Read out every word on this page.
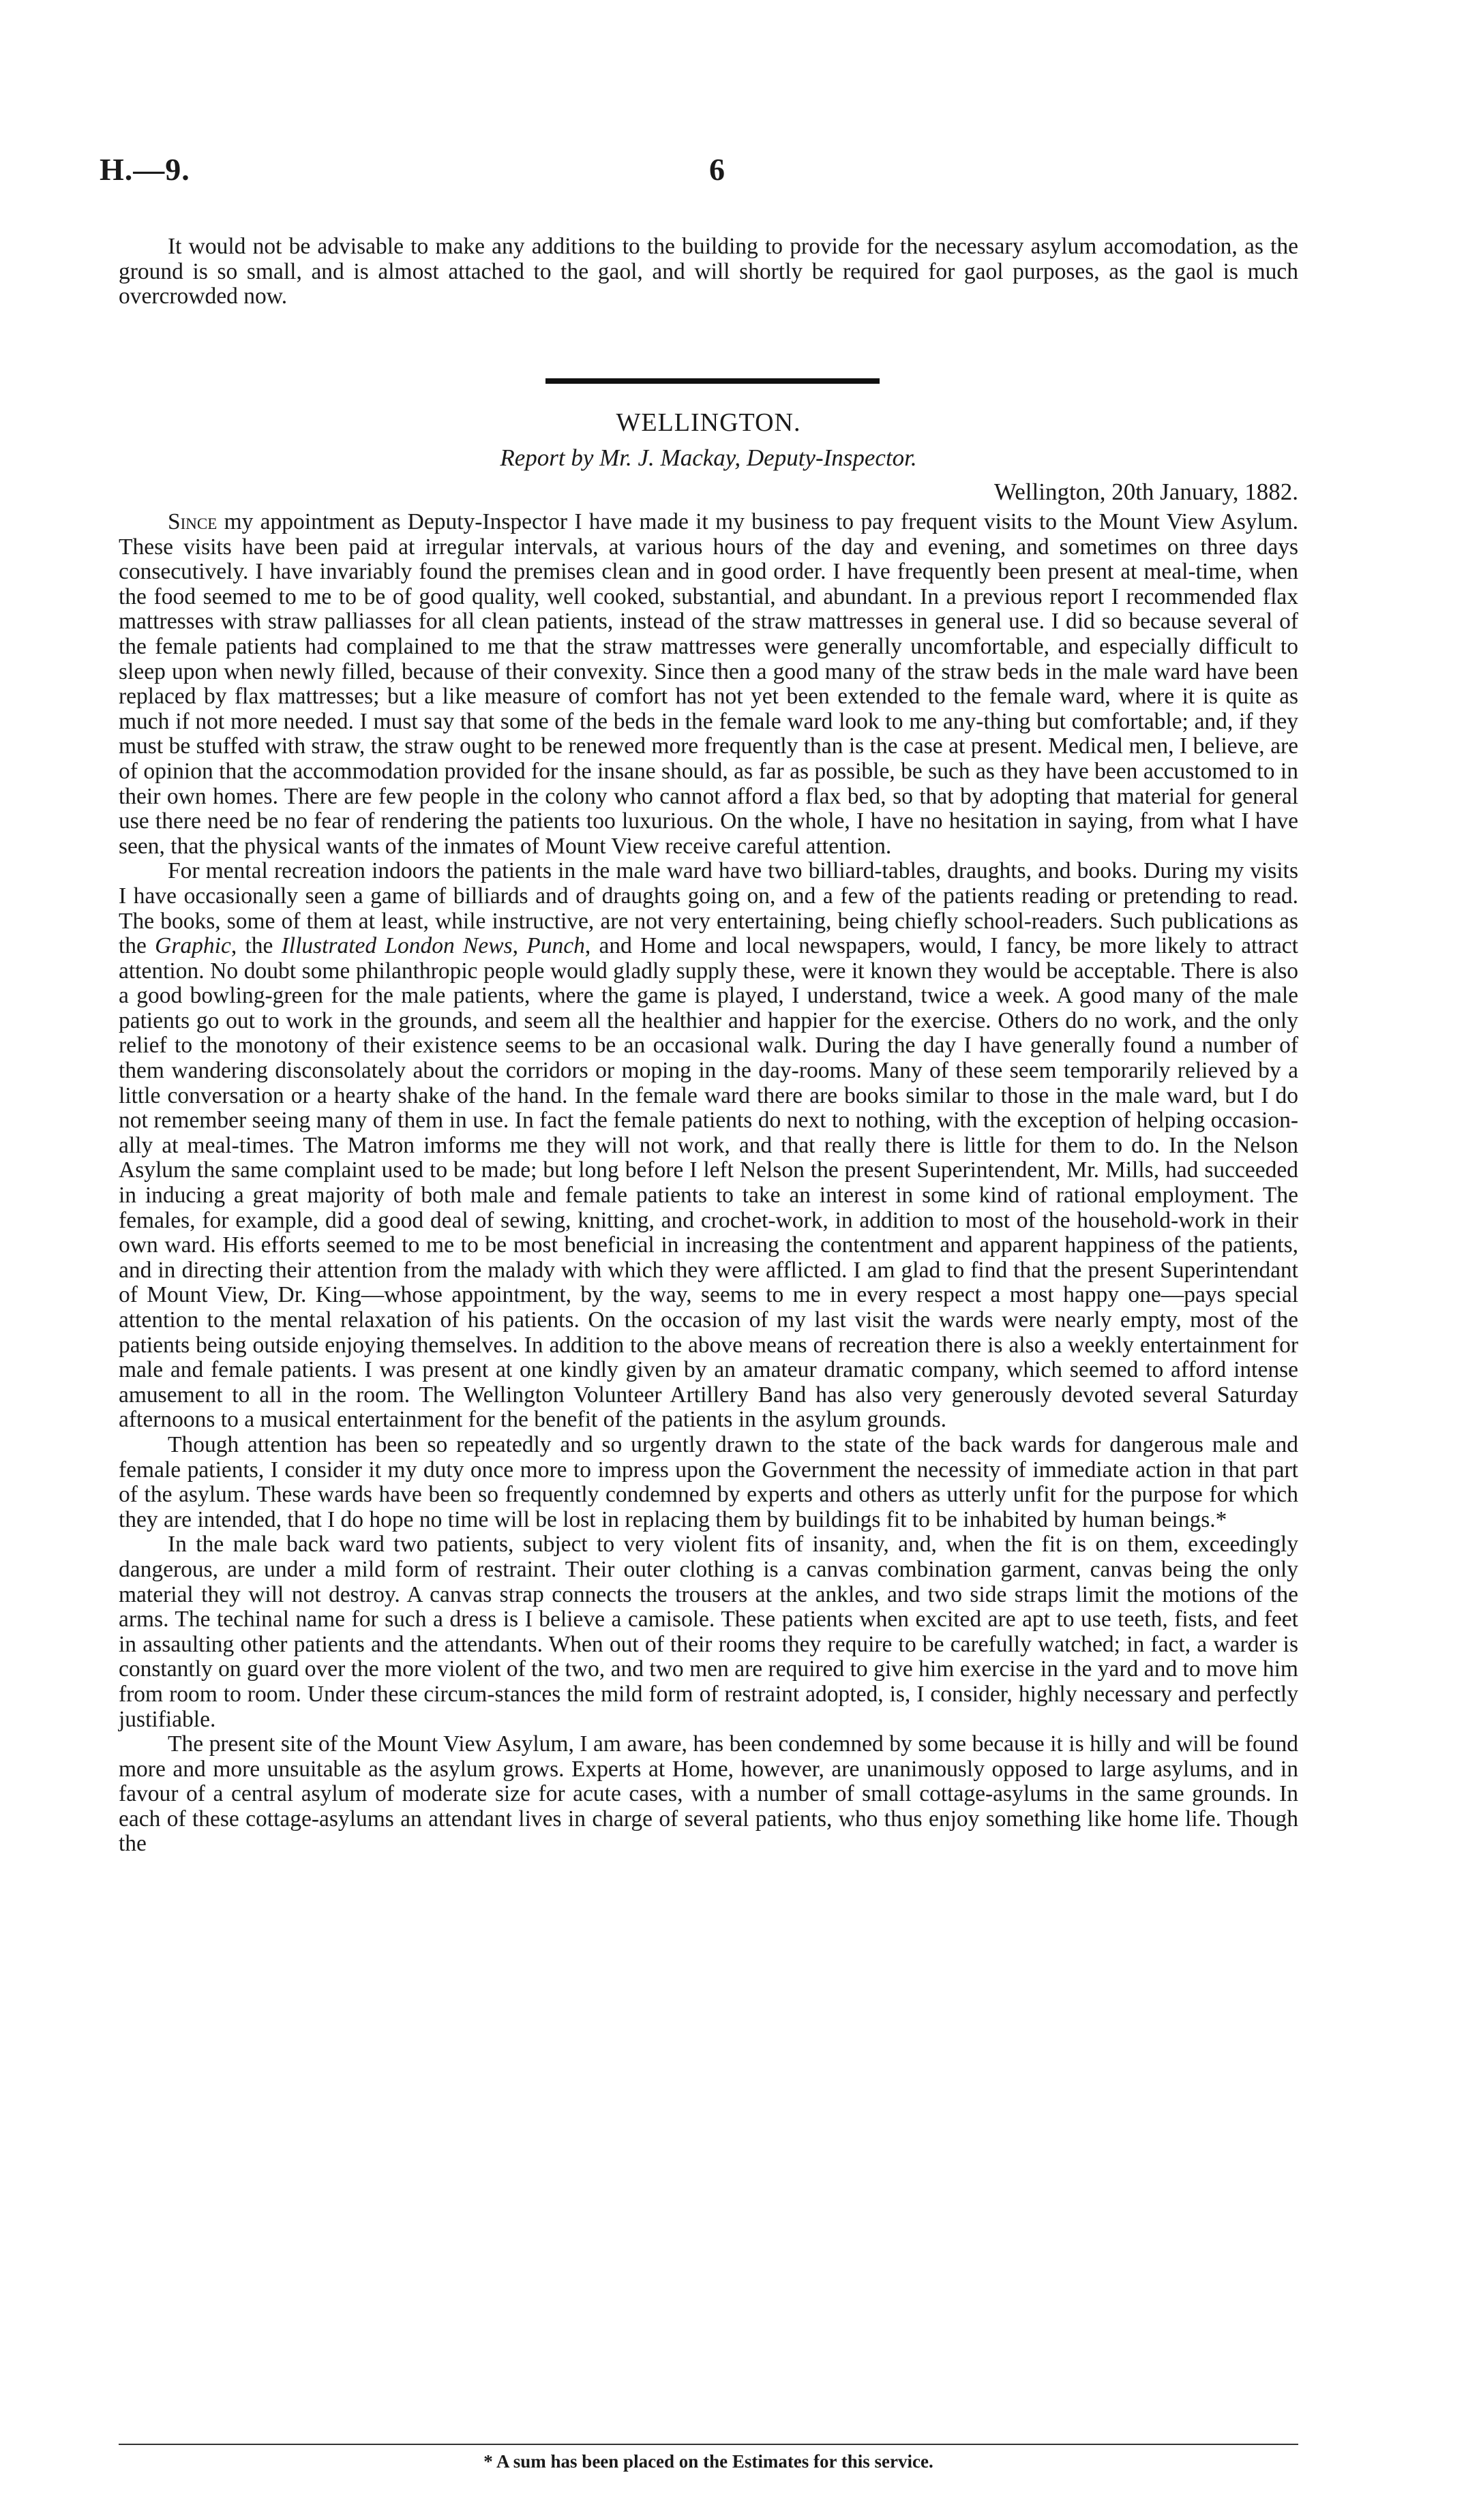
H.—9.	6

It would not be advisable to make any additions to the building to provide for the necessary asylum accomodation, as the ground is so small, and is almost attached to the gaol, and will shortly be required for gaol purposes, as the gaol is much overcrowded now.

WELLINGTON.
Report by Mr. J. Mackay, Deputy-Inspector.
Wellington, 20th January, 1882.

Since my appointment as Deputy-Inspector I have made it my business to pay frequent visits to the Mount View Asylum. These visits have been paid at irregular intervals, at various hours of the day and evening, and sometimes on three days consecutively. I have invariably found the premises clean and in good order. I have frequently been present at meal-time, when the food seemed to me to be of good quality, well cooked, substantial, and abundant. In a previous report I recommended flax mattresses with straw palliasses for all clean patients, instead of the straw mattresses in general use. I did so because several of the female patients had complained to me that the straw mattresses were generally uncomfortable, and especially difficult to sleep upon when newly filled, because of their convexity. Since then a good many of the straw beds in the male ward have been replaced by flax mattresses; but a like measure of comfort has not yet been extended to the female ward, where it is quite as much if not more needed. I must say that some of the beds in the female ward look to me any-thing but comfortable; and, if they must be stuffed with straw, the straw ought to be renewed more frequently than is the case at present. Medical men, I believe, are of opinion that the accommodation provided for the insane should, as far as possible, be such as they have been accustomed to in their own homes. There are few people in the colony who cannot afford a flax bed, so that by adopting that material for general use there need be no fear of rendering the patients too luxurious. On the whole, I have no hesitation in saying, from what I have seen, that the physical wants of the inmates of Mount View receive careful attention.

For mental recreation indoors the patients in the male ward have two billiard-tables, draughts, and books. During my visits I have occasionally seen a game of billiards and of draughts going on, and a few of the patients reading or pretending to read. The books, some of them at least, while instructive, are not very entertaining, being chiefly school-readers. Such publications as the Graphic, the Illustrated London News, Punch, and Home and local newspapers, would, I fancy, be more likely to attract attention. No doubt some philanthropic people would gladly supply these, were it known they would be acceptable. There is also a good bowling-green for the male patients, where the game is played, I understand, twice a week. A good many of the male patients go out to work in the grounds, and seem all the healthier and happier for the exercise. Others do no work, and the only relief to the monotony of their existence seems to be an occasional walk. During the day I have generally found a number of them wandering disconsolately about the corridors or moping in the day-rooms. Many of these seem temporarily relieved by a little conversation or a hearty shake of the hand. In the female ward there are books similar to those in the male ward, but I do not remember seeing many of them in use. In fact the female patients do next to nothing, with the exception of helping occasion-ally at meal-times. The Matron imforms me they will not work, and that really there is little for them to do. In the Nelson Asylum the same complaint used to be made; but long before I left Nelson the present Superintendent, Mr. Mills, had succeeded in inducing a great majority of both male and female patients to take an interest in some kind of rational employment. The females, for example, did a good deal of sewing, knitting, and crochet-work, in addition to most of the household-work in their own ward. His efforts seemed to me to be most beneficial in increasing the contentment and apparent happiness of the patients, and in directing their attention from the malady with which they were afflicted. I am glad to find that the present Superintendant of Mount View, Dr. King—whose appointment, by the way, seems to me in every respect a most happy one—pays special attention to the mental relaxation of his patients. On the occasion of my last visit the wards were nearly empty, most of the patients being outside enjoying themselves. In addition to the above means of recreation there is also a weekly entertainment for male and female patients. I was present at one kindly given by an amateur dramatic company, which seemed to afford intense amusement to all in the room. The Wellington Volunteer Artillery Band has also very generously devoted several Saturday afternoons to a musical entertainment for the benefit of the patients in the asylum grounds.

Though attention has been so repeatedly and so urgently drawn to the state of the back wards for dangerous male and female patients, I consider it my duty once more to impress upon the Government the necessity of immediate action in that part of the asylum. These wards have been so frequently condemned by experts and others as utterly unfit for the purpose for which they are intended, that I do hope no time will be lost in replacing them by buildings fit to be inhabited by human beings.*

In the male back ward two patients, subject to very violent fits of insanity, and, when the fit is on them, exceedingly dangerous, are under a mild form of restraint. Their outer clothing is a canvas combination garment, canvas being the only material they will not destroy. A canvas strap connects the trousers at the ankles, and two side straps limit the motions of the arms. The techinal name for such a dress is I believe a camisole. These patients when excited are apt to use teeth, fists, and feet in assaulting other patients and the attendants. When out of their rooms they require to be carefully watched; in fact, a warder is constantly on guard over the more violent of the two, and two men are required to give him exercise in the yard and to move him from room to room. Under these circum-stances the mild form of restraint adopted, is, I consider, highly necessary and perfectly justifiable.

The present site of the Mount View Asylum, I am aware, has been condemned by some because it is hilly and will be found more and more unsuitable as the asylum grows. Experts at Home, however, are unanimously opposed to large asylums, and in favour of a central asylum of moderate size for acute cases, with a number of small cottage-asylums in the same grounds. In each of these cottage-asylums an attendant lives in charge of several patients, who thus enjoy something like home life. Though the

* A sum has been placed on the Estimates for this service.
